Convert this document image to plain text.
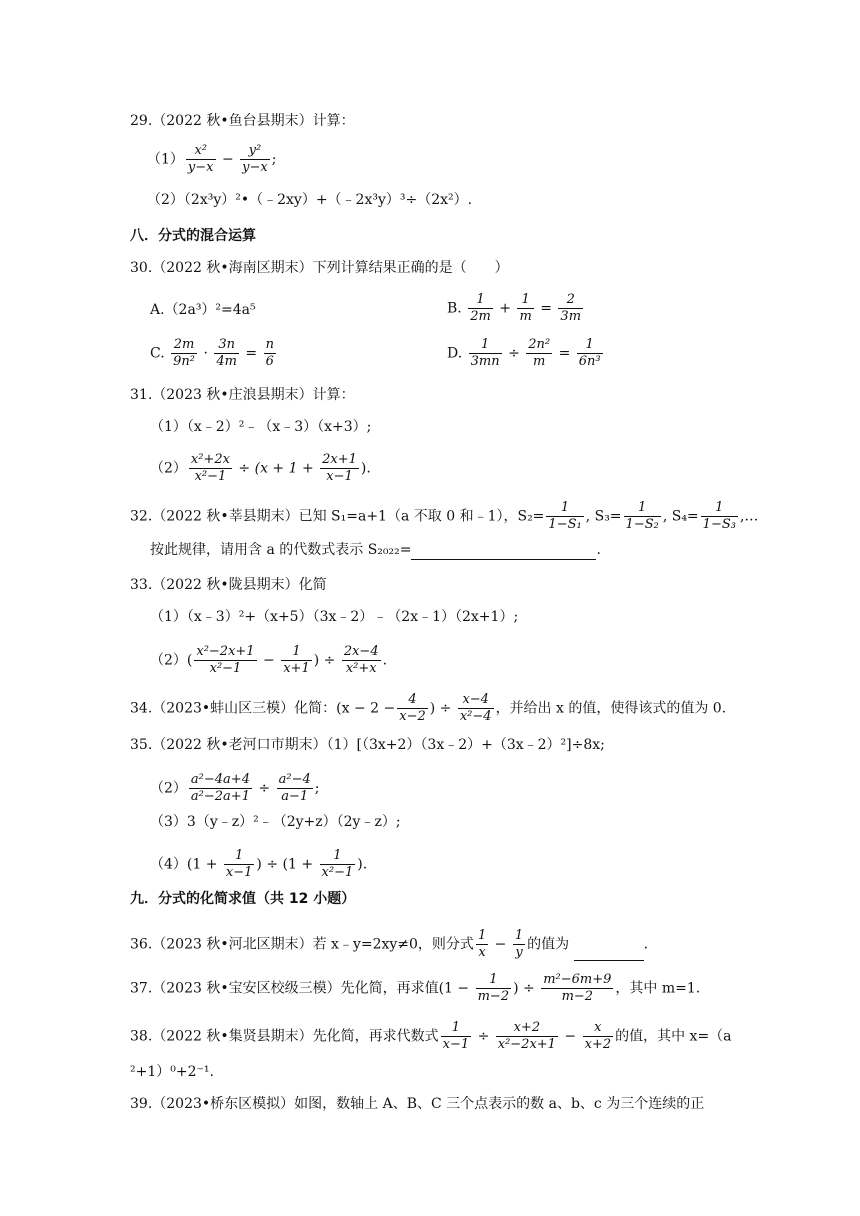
29.（2022 秋•鱼台县期末）计算：
$(1) \frac{\text{x²}}{y-x} - \frac{\text{y²}}{y-x}$ ;
（2）（2x³y）²•（﹣2xy）+（﹣2x³y）³÷（2x²）.
八．分式的混合运算
30.（2022 秋•海南区期末）下列计算结果正确的是（　　）
A.（2a³）²=4a⁵	B. $\frac{1}{2m} + \frac{1}{m} = \frac{2}{3m}$
C. $\frac{2m}{\text{9n²}} \cdot \frac{3n}{4m} = \frac{n}{6}$	D. $\frac{1}{3mn} \div \frac{\text{2n²}}{m} = \frac{1}{\text{6n³}}$
31.（2023 秋•庄浪县期末）计算：
（1）（x﹣2）²﹣（x﹣3）（x+3）;
$(2) \frac{\text{x²+2x}}{\text{x²−1}} \div (x + 1 + \frac{2x+1}{x-1}$ ).
32.（2022 秋•莘县期末）已知 S₁=a+1（a 不取 0 和﹣1），$S_2= \frac{1}{\text{1−S₁}}$ , $S_3= \frac{1}{\text{1−S₂}}$ , $S_4= \frac{1}{\text{1−S₃}}$ ,…
按此规律，请用含 a 的代数式表示 S₂₀₂₂=	.
33.（2022 秋•陇县期末）化简
（1）（x﹣3）²+（x+5）（3x﹣2）﹣（2x﹣1）（2x+1）;
$(2)( \frac{\text{x²−2x+1}}{\text{x²−1}} - \frac{1}{x+1}$ ) ÷ $\frac{2x-4}{\text{x²+x}}$ .
34.（2023•蚌山区三模）化简：($x - 2 - \frac{4}{x-2}$ ) ÷ $\frac{x-4}{\text{x²−4}}$ ，并给出 x 的值，使得该式的值为 0.
35.（2022 秋•老河口市期末）（1）[（3x+2）（3x﹣2）+（3x﹣2）²]÷8x;
$(2) \frac{\text{a²−4a+4}}{\text{a²−2a+1}} \div \frac{\text{a²−4}}{a-1}$ ;
（3）3（y﹣z）²﹣（2y+z）（2y﹣z）;
$(4)(1 + \frac{1}{x-1}$ ) ÷ ($1 + \frac{1}{\text{x²−1}}$ ).
九．分式的化简求值（共 12 小题）
36.（2023 秋•河北区期末）若 x﹣y=2xy≠0，则分式 $\frac{1}{x} - \frac{1}{y}$ 的值为	.
37.（2023 秋•宝安区校级三模）先化简，再求值($1 - \frac{1}{m-2}$ ) ÷ $\frac{\text{m²−6m+9}}{m-2}$ ，其中 m=1.
38.（2022 秋•集贤县期末）先化简，再求代数式 $\frac{1}{x-1} \div \frac{x+2}{\text{x²−2x+1}} - \frac{x}{x+2}$ 的值，其中 x=（a
²+1）⁰+2⁻¹.
39.（2023•桥东区模拟）如图，数轴上 A、B、C 三个点表示的数 a、b、c 为三个连续的正
